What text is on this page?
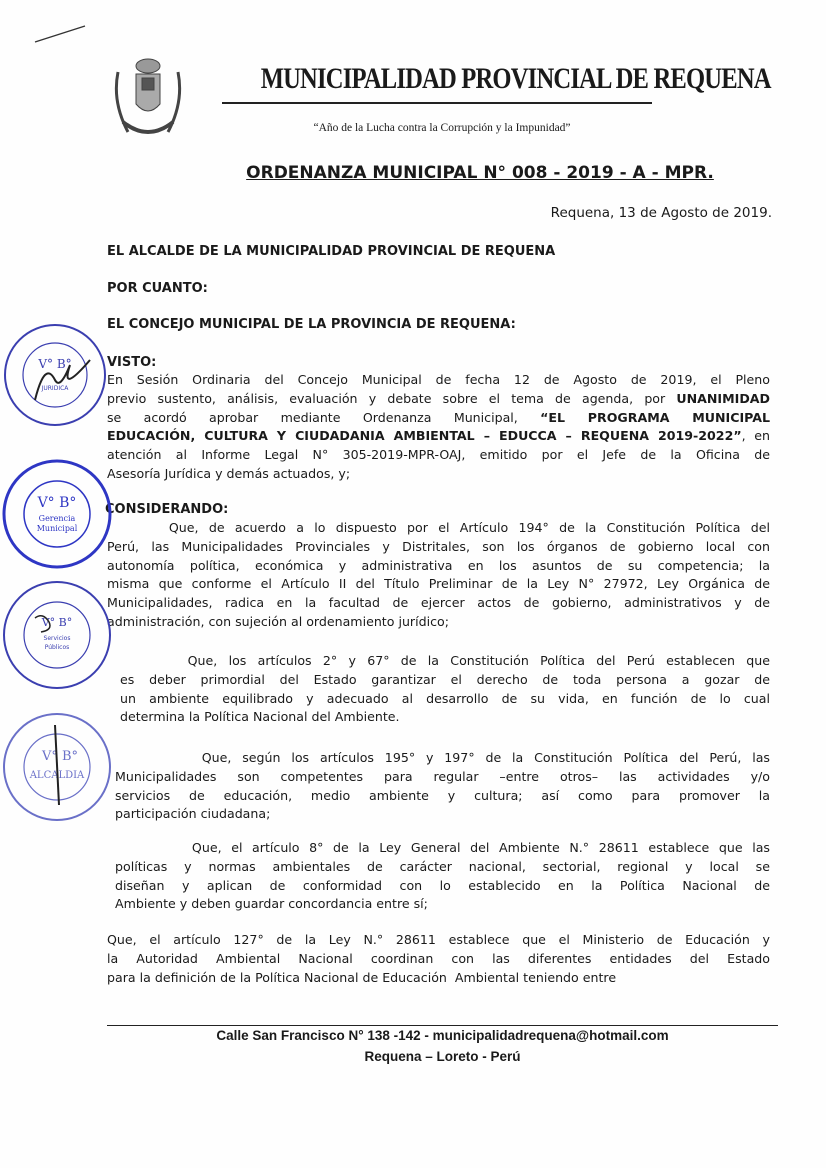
MUNICIPALIDAD PROVINCIAL DE REQUENA
“Año de la Lucha contra la Corrupción y la Impunidad”
ORDENANZA MUNICIPAL N° 008 - 2019 - A - MPR.
Requena, 13 de Agosto de 2019.
EL ALCALDE DE LA MUNICIPALIDAD PROVINCIAL DE REQUENA
POR CUANTO:
EL CONCEJO MUNICIPAL DE LA PROVINCIA DE REQUENA:
VISTO:
En Sesión Ordinaria del Concejo Municipal de fecha 12 de Agosto de 2019, el Pleno
previo sustento, análisis, evaluación y debate sobre el tema de agenda, por UNANIMIDAD
se acordó aprobar mediante Ordenanza Municipal, “EL PROGRAMA MUNICIPAL
EDUCACIÓN, CULTURA Y CIUDADANIA AMBIENTAL – EDUCCA – REQUENA 2019-2022”, en
atención al Informe Legal N° 305-2019-MPR-OAJ, emitido por el Jefe de la Oficina de
Asesoría Jurídica y demás actuados, y;
CONSIDERANDO:
Que, de acuerdo a lo dispuesto por el Artículo 194° de la Constitución Política del
Perú, las Municipalidades Provinciales y Distritales, son los órganos de gobierno local con
autonomía política, económica y administrativa en los asuntos de su competencia; la
misma que conforme el Artículo II del Título Preliminar de la Ley N° 27972, Ley Orgánica de
Municipalidades, radica en la facultad de ejercer actos de gobierno, administrativos y de
administración, con sujeción al ordenamiento jurídico;
Que, los artículos 2° y 67° de la Constitución Política del Perú establecen que
es deber primordial del Estado garantizar el derecho de toda persona a gozar de
un ambiente equilibrado y adecuado al desarrollo de su vida, en función de lo cual
determina la Política Nacional del Ambiente.
Que, según los artículos 195° y 197° de la Constitución Política del Perú, las
Municipalidades son competentes para regular –entre otros– las actividades y/o
servicios de educación, medio ambiente y cultura; así como para promover la
participación ciudadana;
Que, el artículo 8° de la Ley General del Ambiente N.° 28611 establece que las
políticas y normas ambientales de carácter nacional, sectorial, regional y local se
diseñan y aplican de conformidad con lo establecido en la Política Nacional de
Ambiente y deben guardar concordancia entre sí;
Que, el artículo 127° de la Ley N.° 28611 establece que el Ministerio de Educación y
la Autoridad Ambiental Nacional coordinan con las diferentes entidades del Estado
para la definición de la Política Nacional de Educación  Ambiental teniendo entre
Calle San Francisco N° 138 -142 - municipalidadrequena@hotmail.com
Requena – Loreto - Perú
V° B°
JURIDICA
V° B°
Gerencia
Municipal
V° B°
Servicios
Públicos
V° B°
ALCALDIA
